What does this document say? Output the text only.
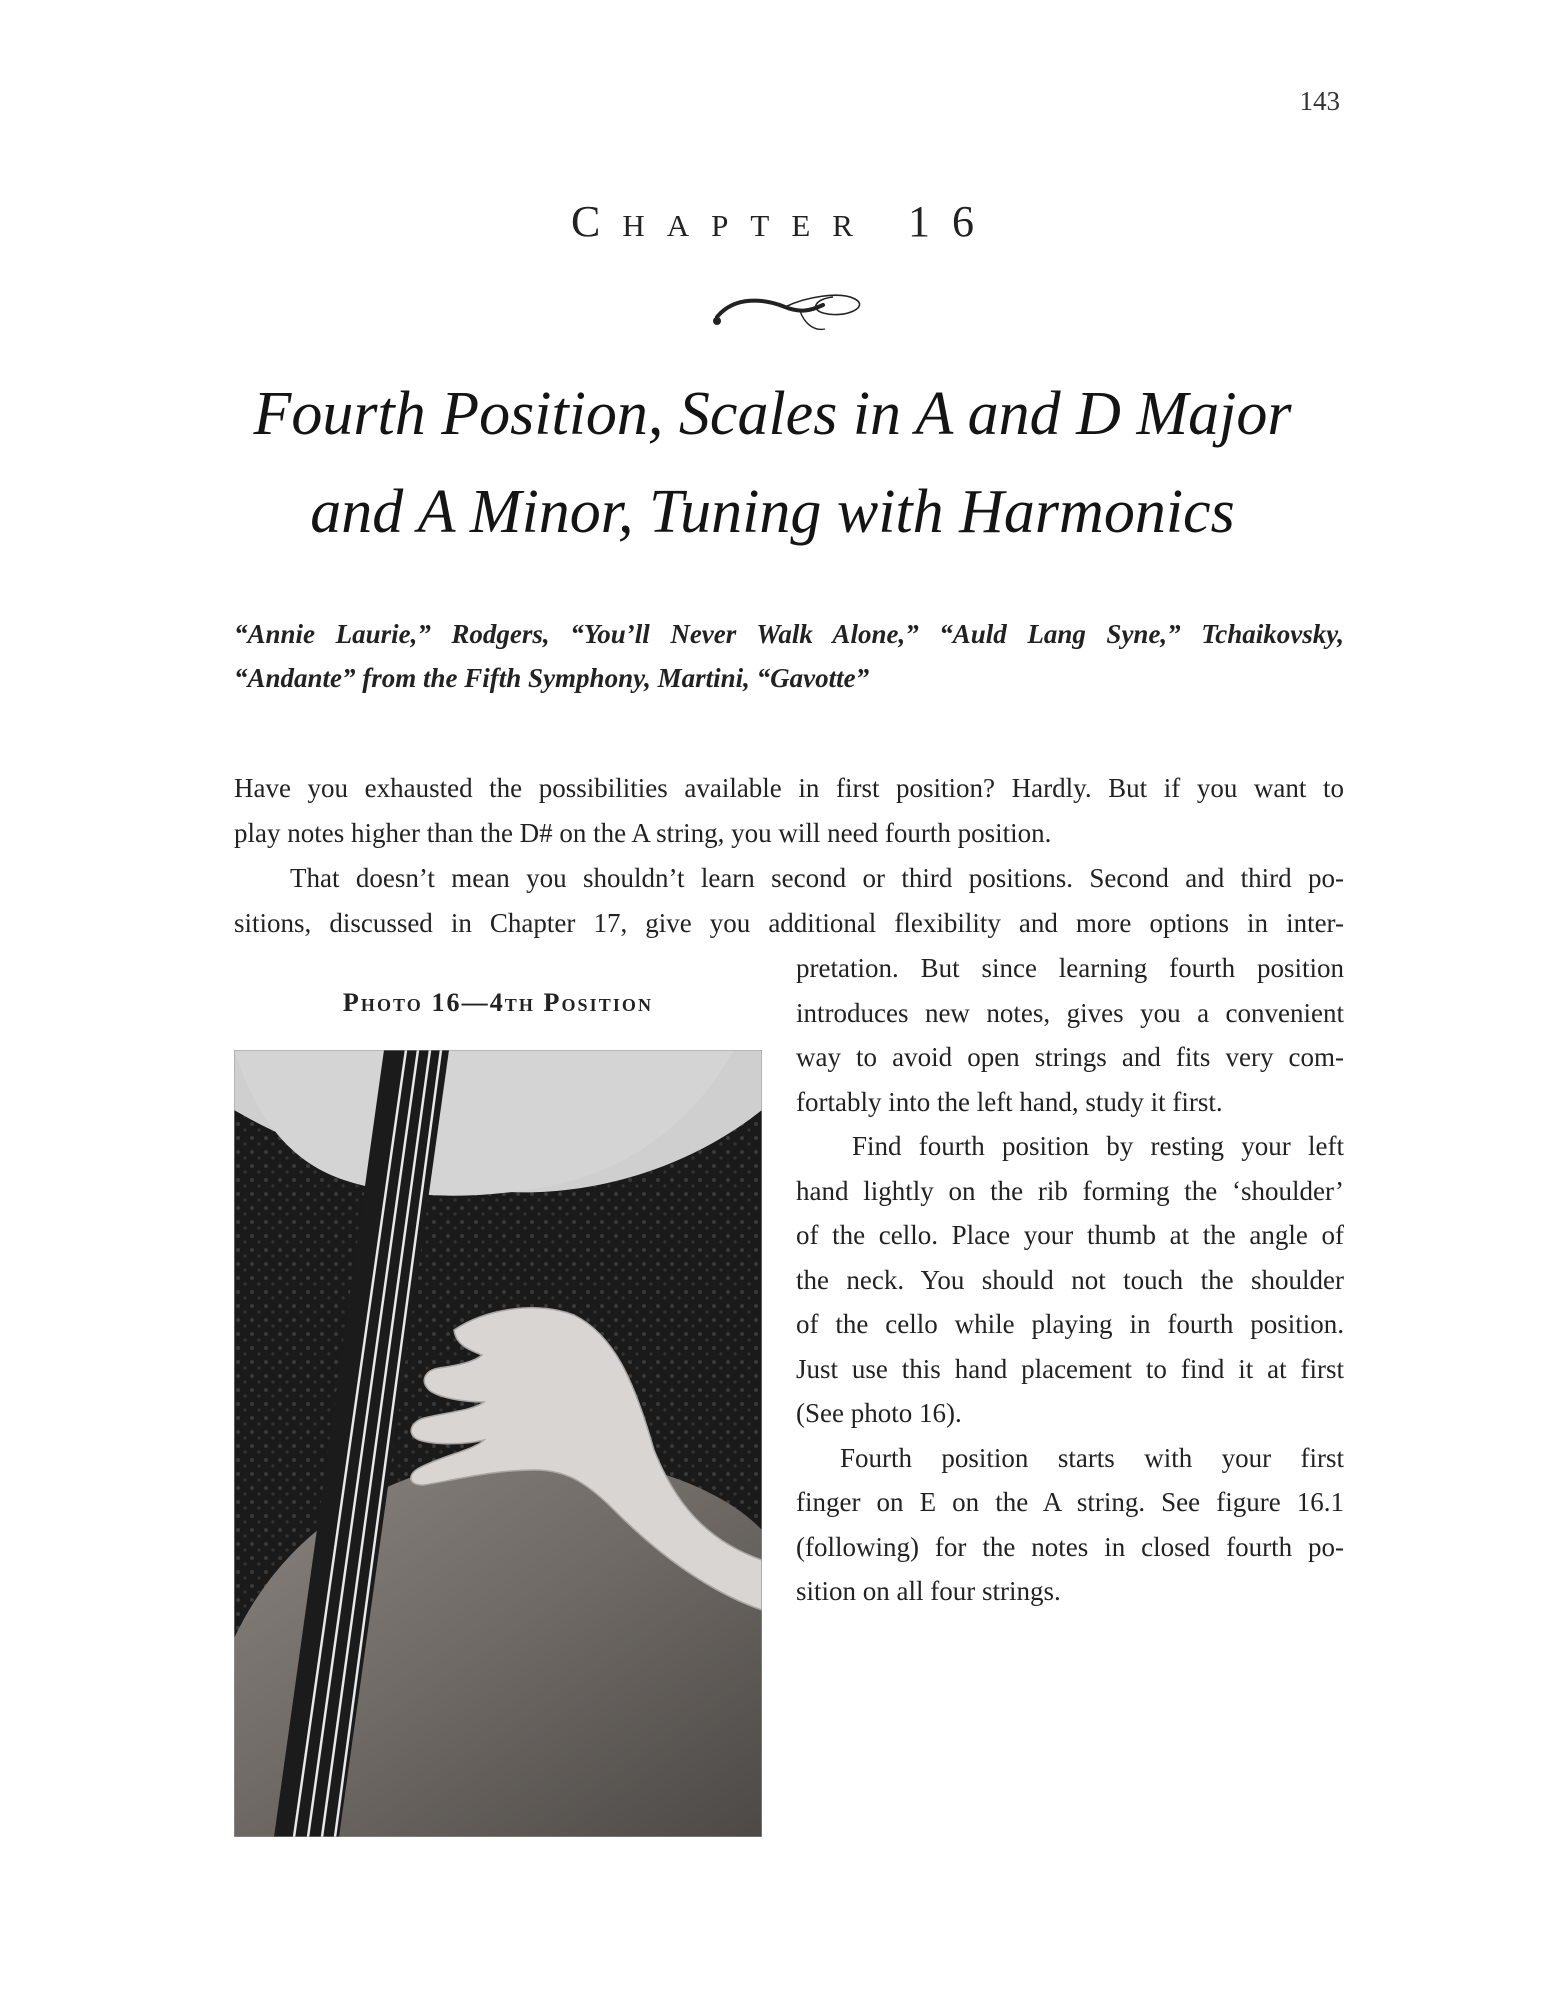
143
Chapter 16
Fourth Position, Scales in A and D Major
and A Minor, Tuning with Harmonics
“Annie Laurie,” Rodgers, “You’ll Never Walk Alone,” “Auld Lang Syne,” Tchaikovsky,
“Andante” from the Fifth Symphony, Martini, “Gavotte”

Have you exhausted the possibilities available in first position? Hardly. But if you want to
play notes higher than the D# on the A string, you will need fourth position.

That doesn’t mean you shouldn’t learn second or third positions. Second and third po-
sitions, discussed in Chapter 17, give you additional flexibility and more options in inter-

Photo 16—4th Position

pretation. But since learning fourth position
introduces new notes, gives you a convenient
way to avoid open strings and fits very com-
fortably into the left hand, study it first.

Find fourth position by resting your left
hand lightly on the rib forming the ‘shoulder’
of the cello. Place your thumb at the angle of
the neck. You should not touch the shoulder
of the cello while playing in fourth position.
Just use this hand placement to find it at first
(See photo 16).

Fourth position starts with your first
finger on E on the A string. See figure 16.1
(following) for the notes in closed fourth po-
sition on all four strings.
